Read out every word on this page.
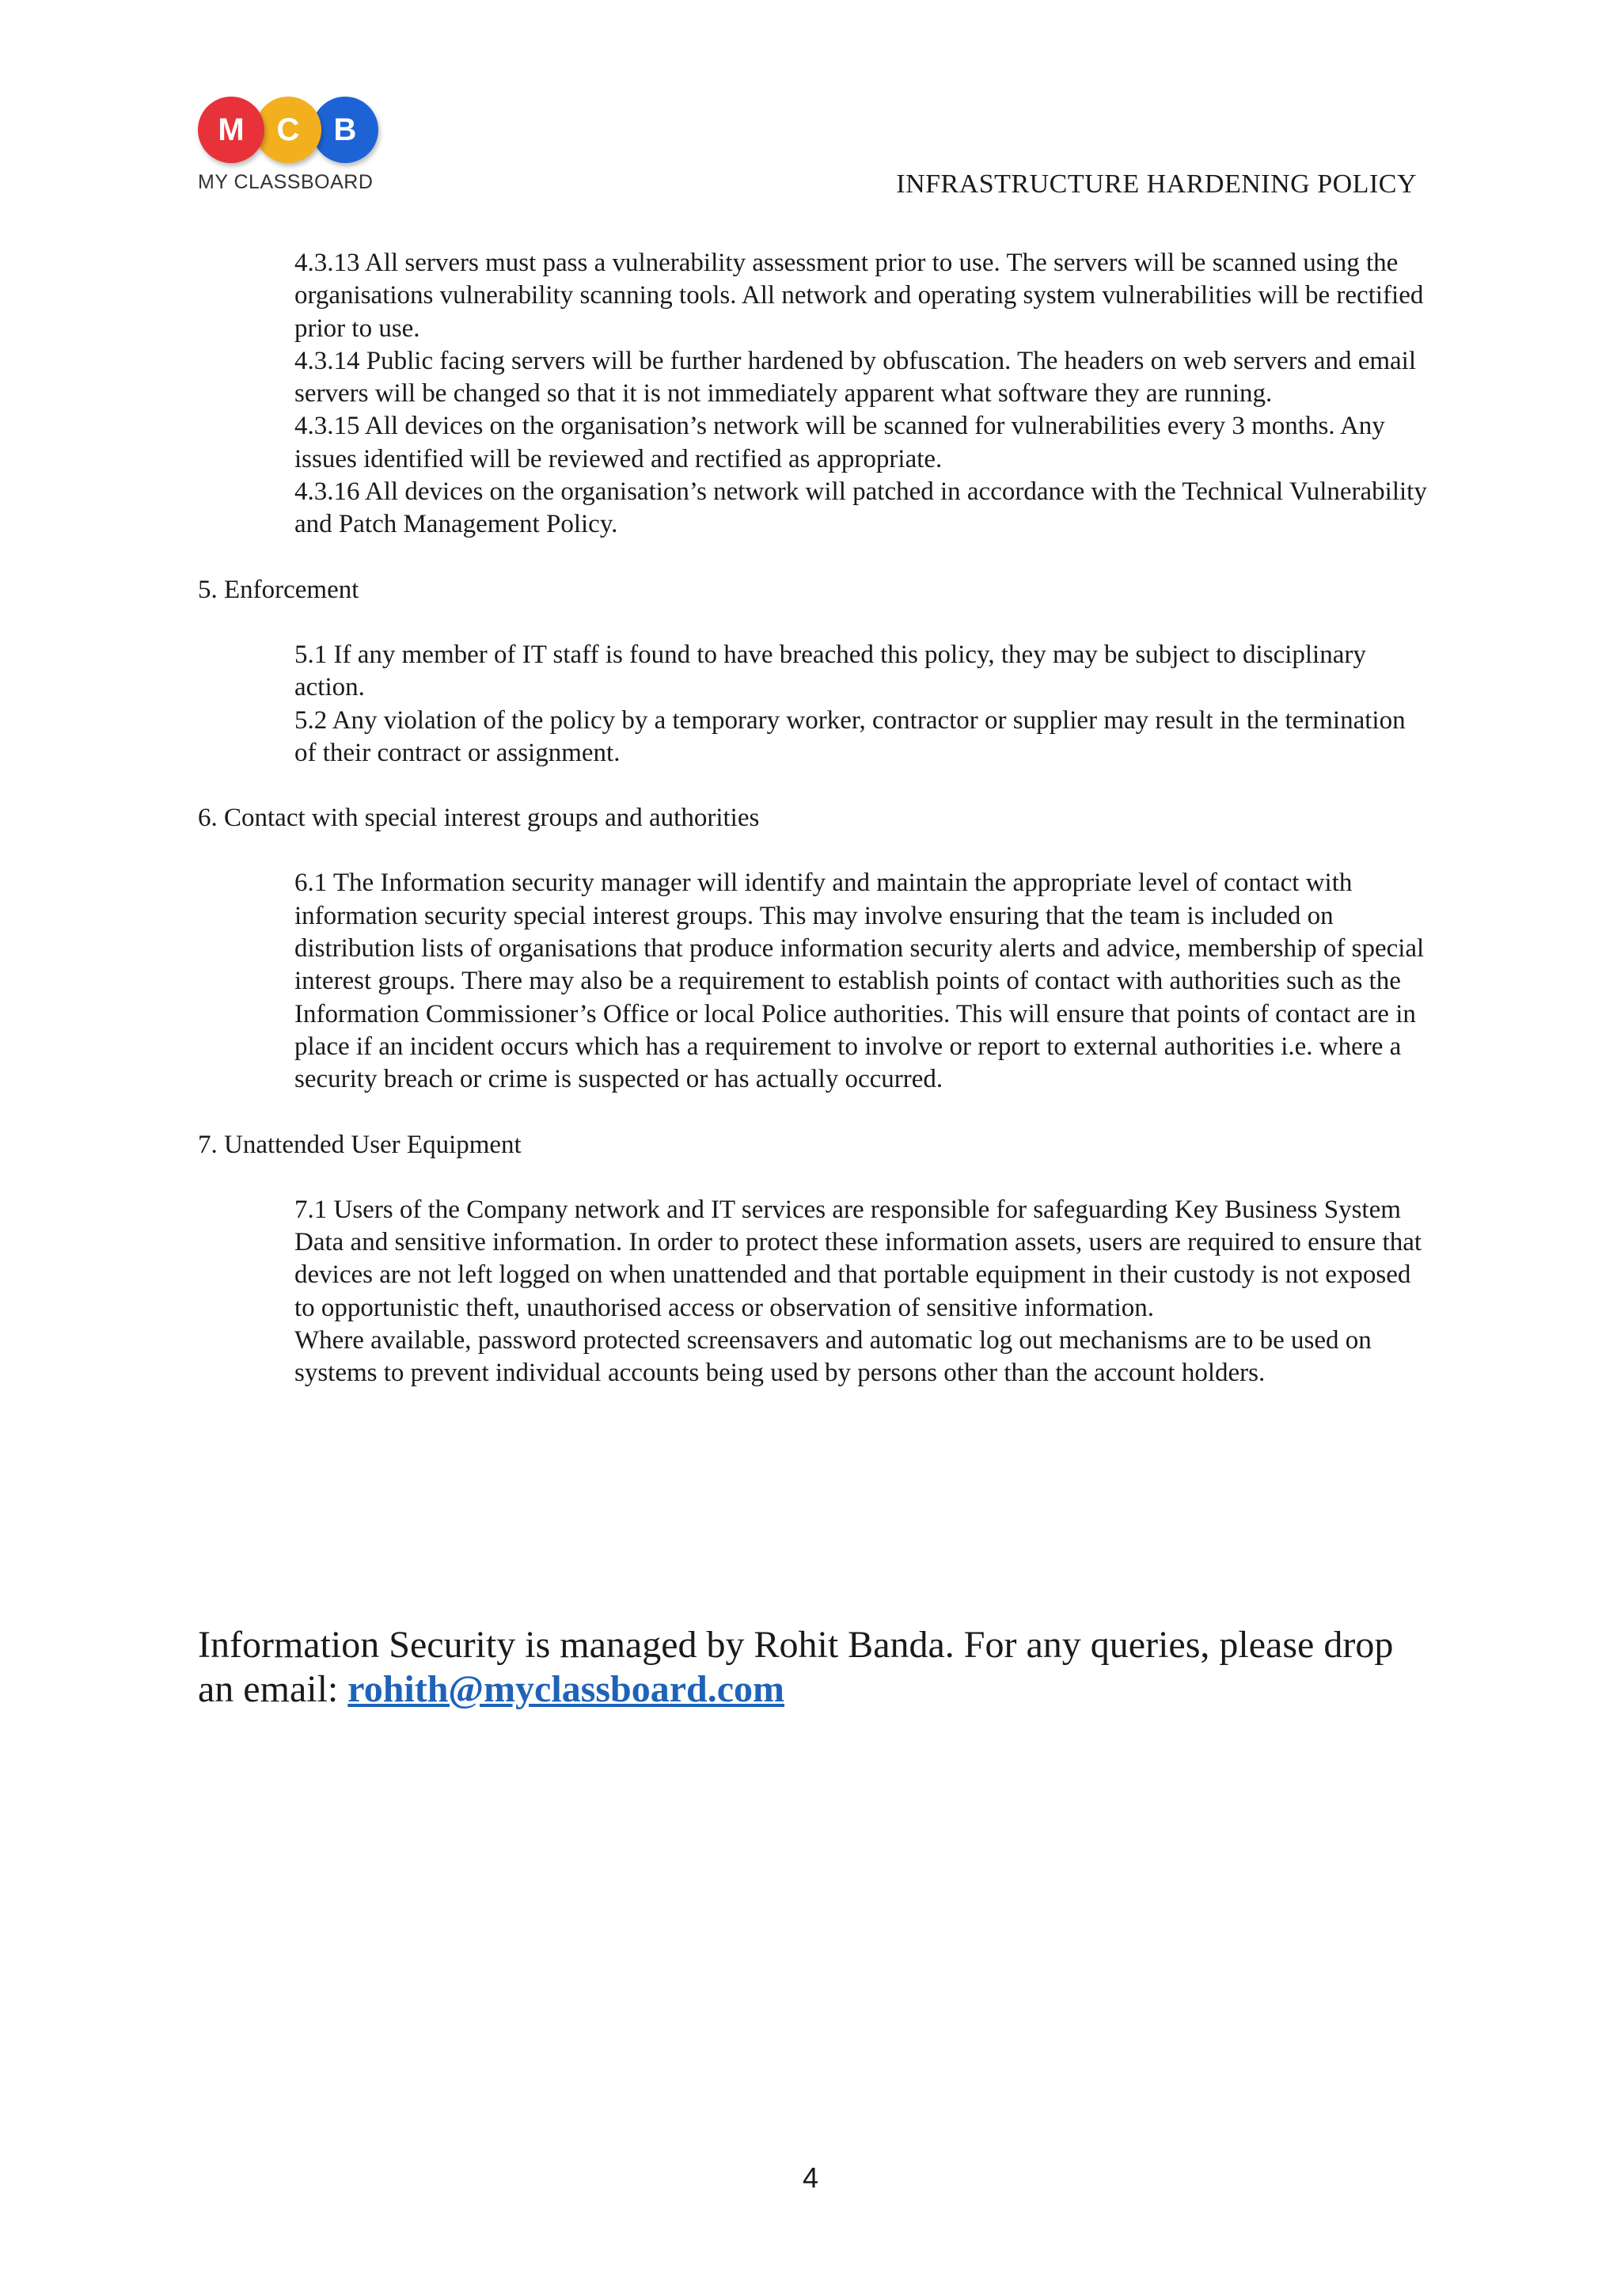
M	C	B
MY CLASSBOARD	INFRASTRUCTURE HARDENING POLICY

4.3.13 All servers must pass a vulnerability assessment prior to use. The servers will be scanned using the organisations vulnerability scanning tools. All network and operating system vulnerabilities will be rectified prior to use.

4.3.14 Public facing servers will be further hardened by obfuscation. The headers on web servers and email servers will be changed so that it is not immediately apparent what software they are running.

4.3.15 All devices on the organisation’s network will be scanned for vulnerabilities every 3 months. Any issues identified will be reviewed and rectified as appropriate.

4.3.16 All devices on the organisation’s network will patched in accordance with the Technical Vulnerability and Patch Management Policy.

5. Enforcement

5.1 If any member of IT staff is found to have breached this policy, they may be subject to disciplinary action.

5.2 Any violation of the policy by a temporary worker, contractor or supplier may result in the termination of their contract or assignment.

6. Contact with special interest groups and authorities

6.1 The Information security manager will identify and maintain the appropriate level of contact with information security special interest groups. This may involve ensuring that the team is included on distribution lists of organisations that produce information security alerts and advice, membership of special interest groups. There may also be a requirement to establish points of contact with authorities such as the Information Commissioner’s Office or local Police authorities. This will ensure that points of contact are in place if an incident occurs which has a requirement to involve or report to external authorities i.e. where a security breach or crime is suspected or has actually occurred.

7. Unattended User Equipment

7.1 Users of the Company network and IT services are responsible for safeguarding Key Business System Data and sensitive information. In order to protect these information assets, users are required to ensure that devices are not left logged on when unattended and that portable equipment in their custody is not exposed to opportunistic theft, unauthorised access or observation of sensitive information.

Where available, password protected screensavers and automatic log out mechanisms are to be used on systems to prevent individual accounts being used by persons other than the account holders.

Information Security is managed by Rohit Banda. For any queries, please drop an email: rohith@myclassboard.com
4
